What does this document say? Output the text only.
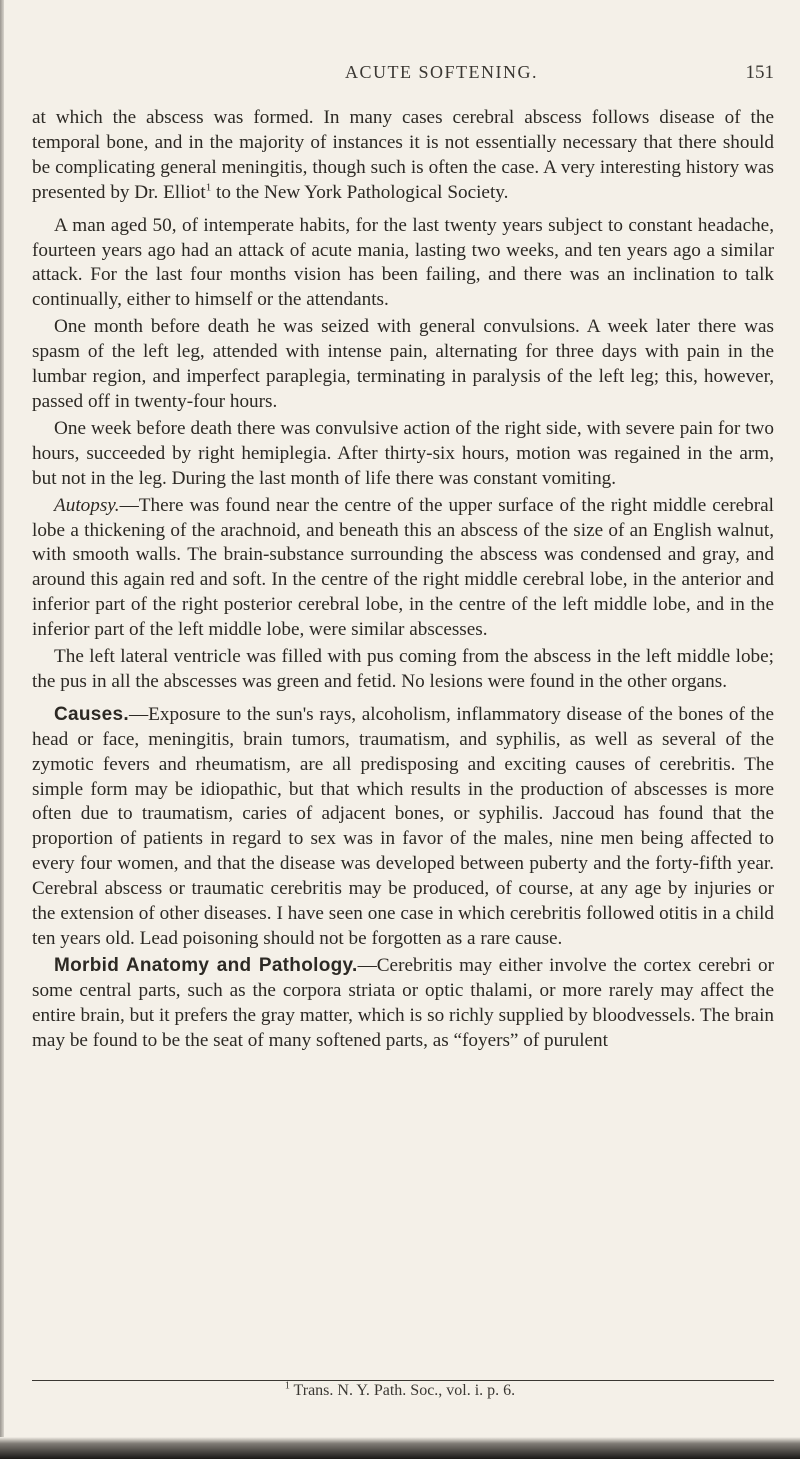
ACUTE SOFTENING.	151

at which the abscess was formed. In many cases cerebral abscess follows disease of the temporal bone, and in the majority of instances it is not essentially necessary that there should be complicating general meningitis, though such is often the case. A very interesting history was presented by Dr. Elliot$^1$ to the New York Pathological Society.

A man aged 50, of intemperate habits, for the last twenty years subject to constant headache, fourteen years ago had an attack of acute mania, lasting two weeks, and ten years ago a similar attack. For the last four months vision has been failing, and there was an inclination to talk continually, either to himself or the attendants.

One month before death he was seized with general convulsions. A week later there was spasm of the left leg, attended with intense pain, alternating for three days with pain in the lumbar region, and imperfect paraplegia, terminating in paralysis of the left leg; this, however, passed off in twenty-four hours.

One week before death there was convulsive action of the right side, with severe pain for two hours, succeeded by right hemiplegia. After thirty-six hours, motion was regained in the arm, but not in the leg. During the last month of life there was constant vomiting.

Autopsy.—There was found near the centre of the upper surface of the right middle cerebral lobe a thickening of the arachnoid, and beneath this an abscess of the size of an English walnut, with smooth walls. The brain-substance surrounding the abscess was condensed and gray, and around this again red and soft. In the centre of the right middle cerebral lobe, in the anterior and inferior part of the right posterior cerebral lobe, in the centre of the left middle lobe, and in the inferior part of the left middle lobe, were similar abscesses.

The left lateral ventricle was filled with pus coming from the abscess in the left middle lobe; the pus in all the abscesses was green and fetid. No lesions were found in the other organs.

Causes.—Exposure to the sun's rays, alcoholism, inflammatory disease of the bones of the head or face, meningitis, brain tumors, traumatism, and syphilis, as well as several of the zymotic fevers and rheumatism, are all predisposing and exciting causes of cerebritis. The simple form may be idiopathic, but that which results in the production of abscesses is more often due to traumatism, caries of adjacent bones, or syphilis. Jaccoud has found that the proportion of patients in regard to sex was in favor of the males, nine men being affected to every four women, and that the disease was developed between puberty and the forty-fifth year. Cerebral abscess or traumatic cerebritis may be produced, of course, at any age by injuries or the extension of other diseases. I have seen one case in which cerebritis followed otitis in a child ten years old. Lead poisoning should not be forgotten as a rare cause.

Morbid Anatomy and Pathology.—Cerebritis may either involve the cortex cerebri or some central parts, such as the corpora striata or optic thalami, or more rarely may affect the entire brain, but it prefers the gray matter, which is so richly supplied by bloodvessels. The brain may be found to be the seat of many softened parts, as “foyers” of purulent

$^1$ Trans. N. Y. Path. Soc., vol. i. p. 6.
